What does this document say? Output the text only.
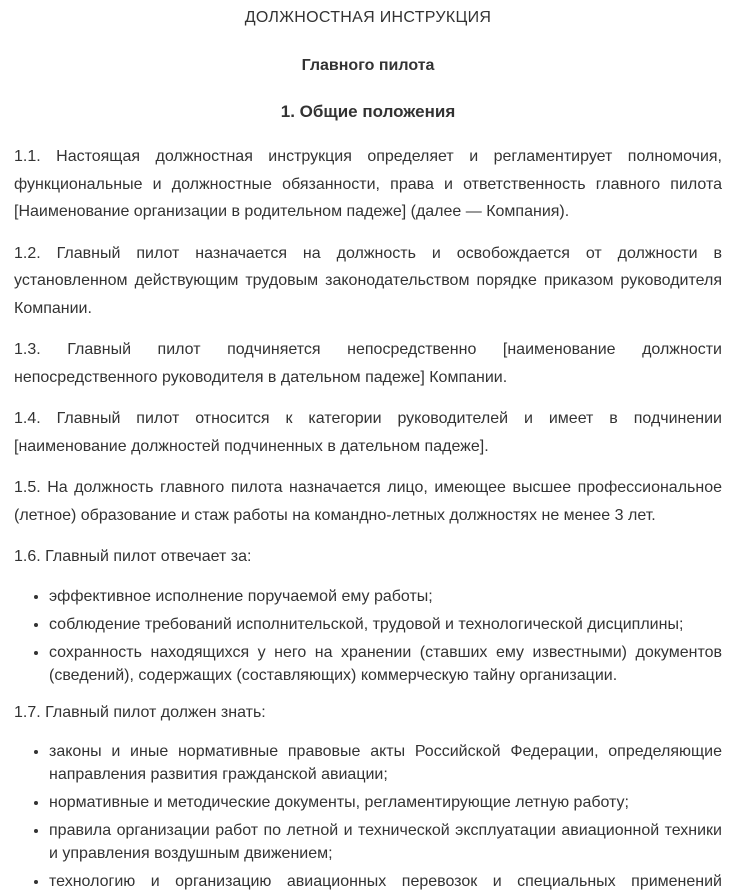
ДОЛЖНОСТНАЯ ИНСТРУКЦИЯ
Главного пилота
1. Общие положения

1.1. Настоящая должностная инструкция определяет и регламентирует полномочия, функциональные и должностные обязанности, права и ответственность главного пилота [Наименование организации в родительном падеже] (далее — Компания).

1.2. Главный пилот назначается на должность и освобождается от должности в установленном действующим трудовым законодательством порядке приказом руководителя Компании.

1.3. Главный пилот подчиняется непосредственно [наименование должности непосредственного руководителя в дательном падеже] Компании.

1.4. Главный пилот относится к категории руководителей и имеет в подчинении [наименование должностей подчиненных в дательном падеже].

1.5. На должность главного пилота назначается лицо, имеющее высшее профессиональное (летное) образование и стаж работы на командно-летных должностях не менее 3 лет.

1.6. Главный пилот отвечает за:

• эффективное исполнение поручаемой ему работы;
• соблюдение требований исполнительской, трудовой и технологической дисциплины;
• сохранность находящихся у него на хранении (ставших ему известными) документов (сведений), содержащих (составляющих) коммерческую тайну организации.

1.7. Главный пилот должен знать:

• законы и иные нормативные правовые акты Российской Федерации, определяющие направления развития гражданской авиации;
• нормативные и методические документы, регламентирующие летную работу;
• правила организации работ по летной и технической эксплуатации авиационной техники и управления воздушным движением;
• технологию и организацию авиационных перевозок и специальных применений
